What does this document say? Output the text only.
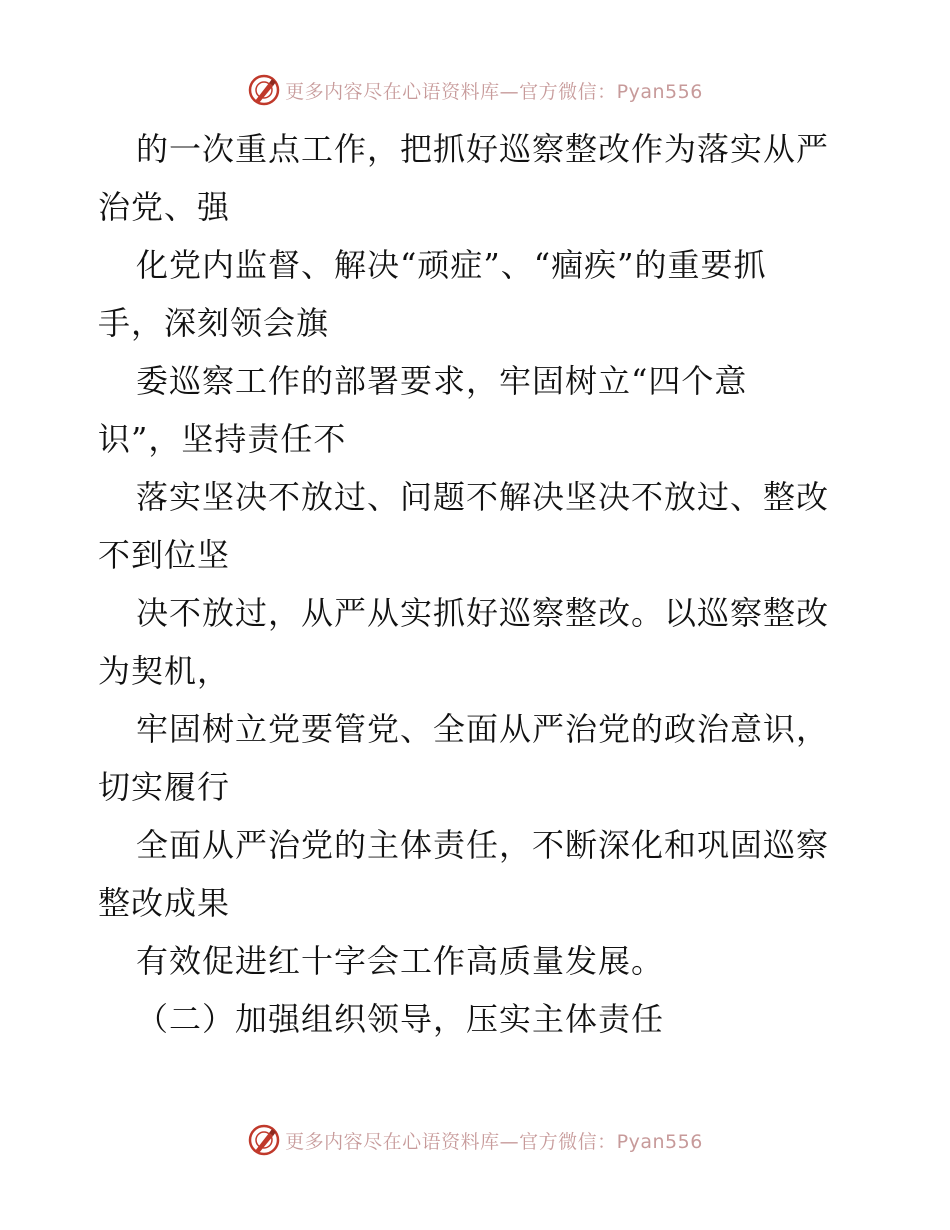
更多内容尽在心语资料库—官方微信：Pyan556
的一次重点工作，把抓好巡察整改作为落实从严
治党、强
化党内监督、解决“顽症”、“痼疾”的重要抓
手，深刻领会旗
委巡察工作的部署要求，牢固树立“四个意
识”，坚持责任不
落实坚决不放过、问题不解决坚决不放过、整改
不到位坚
决不放过，从严从实抓好巡察整改。以巡察整改
为契机，
牢固树立党要管党、全面从严治党的政治意识，
切实履行
全面从严治党的主体责任，不断深化和巩固巡察
整改成果
有效促进红十字会工作高质量发展。
（二）加强组织领导，压实主体责任
更多内容尽在心语资料库—官方微信：Pyan556
